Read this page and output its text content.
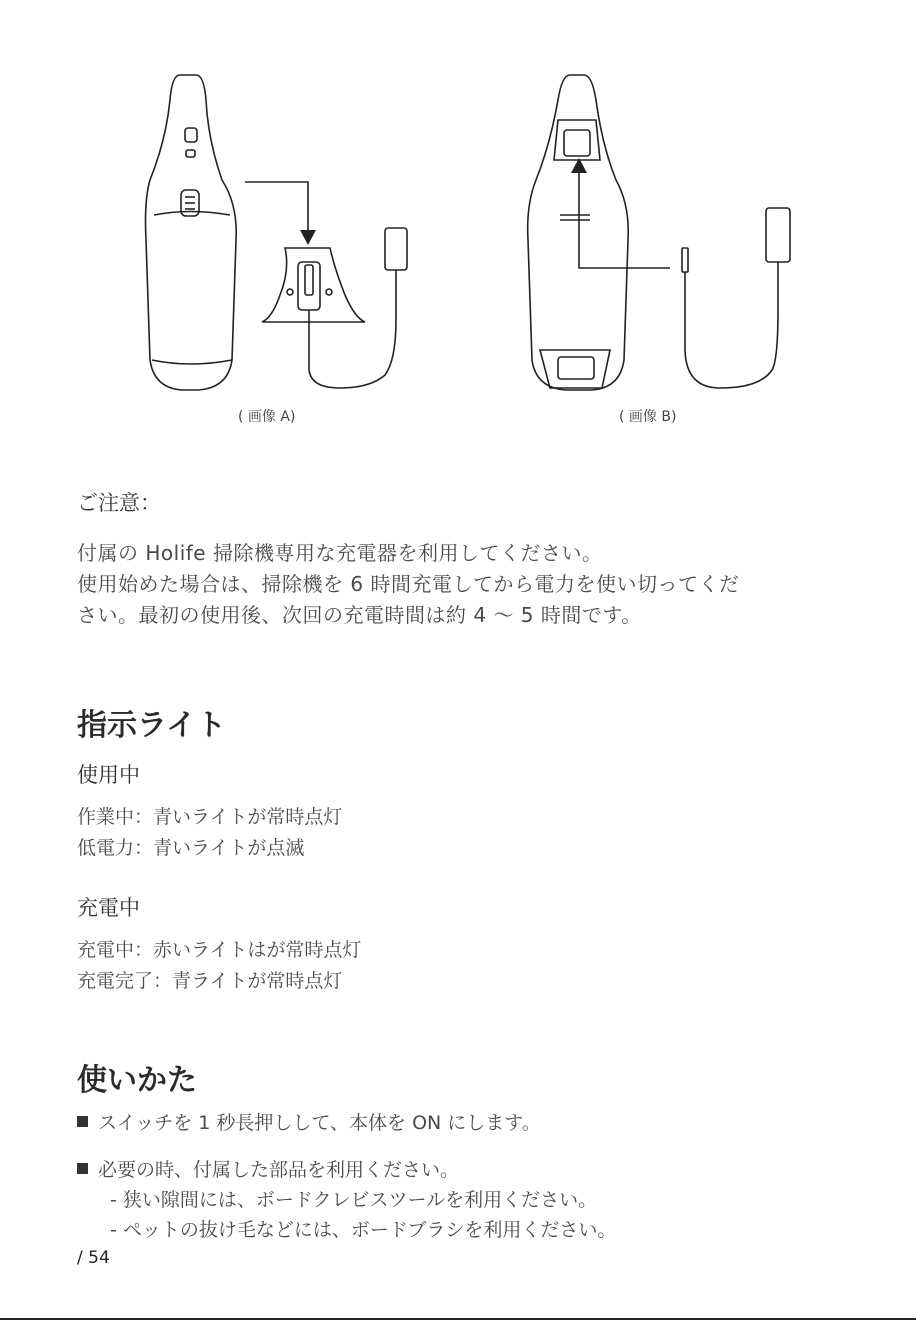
( 画像 A)	( 画像 B)
ご注意：
付属の Holife 掃除機専用な充電器を利用してください。
使用始めた場合は、掃除機を 6 時間充電してから電力を使い切ってくだ
さい。最初の使用後、次回の充電時間は約 4 ～ 5 時間です。
指示ライト
使用中
作業中：青いライトが常時点灯
低電力：青いライトが点滅
充電中
充電中：赤いライトはが常時点灯
充電完了：青ライトが常時点灯
使いかた
スイッチを 1 秒長押しして、本体を ON にします。
必要の時、付属した部品を利用ください。
- 狭い隙間には、ボードクレビスツールを利用ください。
- ペットの抜け毛などには、ボードブラシを利用ください。
/ 54
